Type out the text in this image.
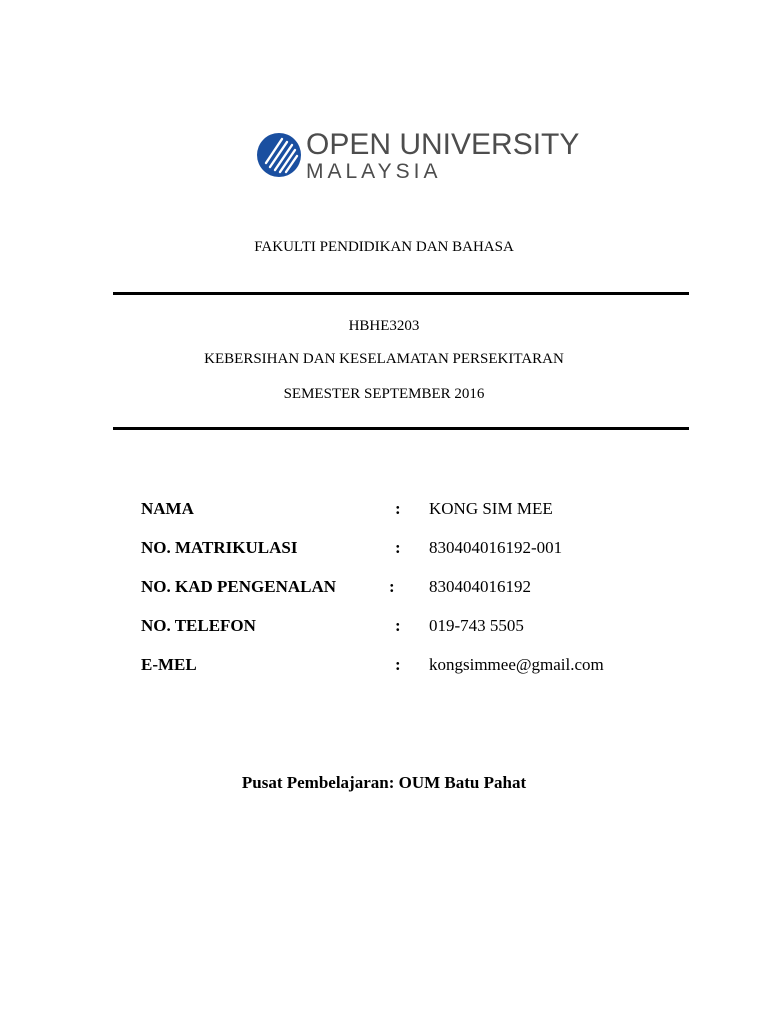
OPEN UNIVERSITY
MALAYSIA
FAKULTI PENDIDIKAN DAN BAHASA
HBHE3203
KEBERSIHAN DAN KESELAMATAN PERSEKITARAN
SEMESTER SEPTEMBER 2016
NAMA	: KONG SIM MEE
NO. MATRIKULASI	: 830404016192-001
NO. KAD PENGENALAN	: 830404016192
NO. TELEFON	: 019-743 5505
E-MEL	: kongsimmee@gmail.com
Pusat Pembelajaran: OUM Batu Pahat
